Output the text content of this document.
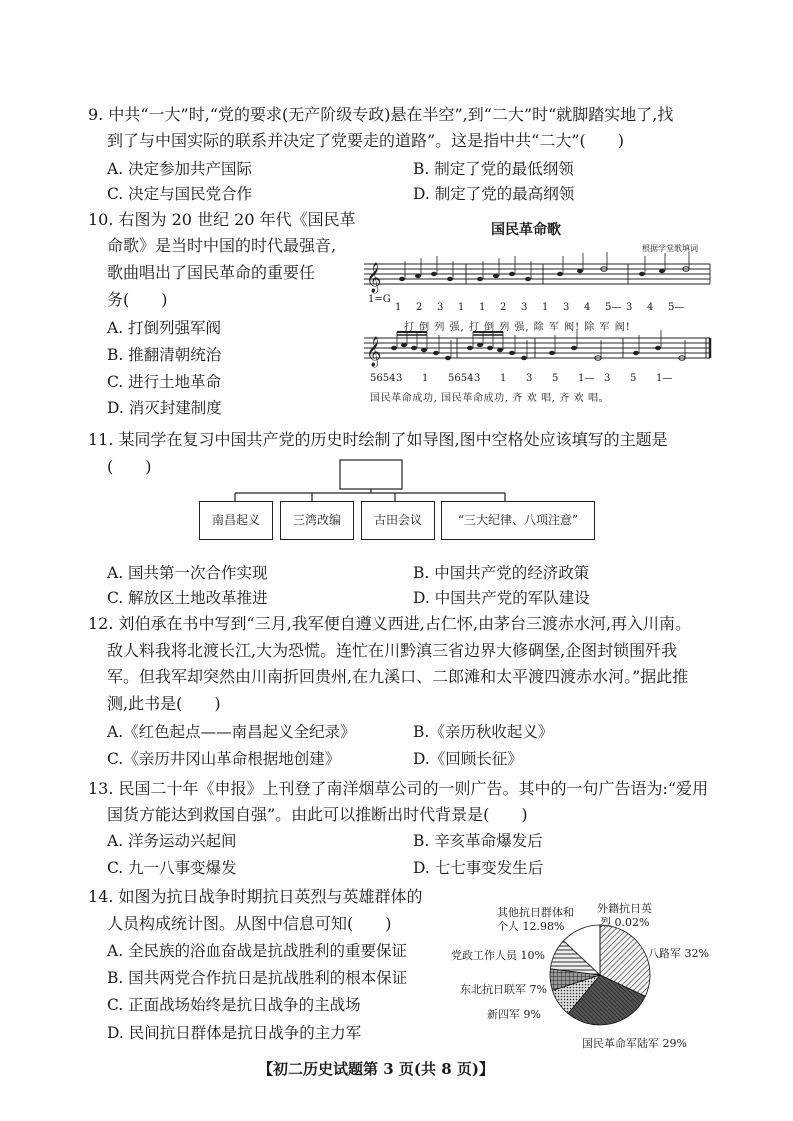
9. 中共“一大”时,“党的要求(无产阶级专政)悬在半空”,到“二大”时“就脚踏实地了,找
到了与中国实际的联系并决定了党要走的道路”。这是指中共“二大”(　　)
A. 决定参加共产国际	B. 制定了党的最低纲领
C. 决定与国民党合作	D. 制定了党的最高纲领
10. 右图为 20 世纪 20 年代《国民革
命歌》是当时中国的时代最强音,
歌曲唱出了国民革命的重要任
务(　　)
A. 打倒列强军阀
B. 推翻清朝统治
C. 进行土地革命
D. 消灭封建制度
国民革命歌
根据学堂歌填词
𝄞
𝄞
1=G
1 2 3 1 1 2 3 1 3 4 5— 3 4 5—
打 倒 列 强, 打 倒 列 强, 除 军 阀! 除 军 阀!
56543 1 56543 1 3 5 1— 3 5 1—
国民革命成功, 国民革命成功, 齐 欢 唱, 齐 欢 唱。
11. 某同学在复习中国共产党的历史时绘制了如导图,图中空格处应该填写的主题是
(　　)
南昌起义	三湾改编	古田会议	“三大纪律、八项注意”
A. 国共第一次合作实现	B. 中国共产党的经济政策
C. 解放区土地改革推进	D. 中国共产党的军队建设
12. 刘伯承在书中写到“三月,我军便自遵义西进,占仁怀,由茅台三渡赤水河,再入川南。
敌人料我将北渡长江,大为恐慌。连忙在川黔滇三省边界大修碉堡,企图封锁围歼我
军。但我军却突然由川南折回贵州,在九溪口、二郎滩和太平渡四渡赤水河。”据此推
测,此书是(　　)
A.《红色起点——南昌起义全纪录》	B.《亲历秋收起义》
C.《亲历井冈山革命根据地创建》	D.《回顾长征》
13. 民国二十年《申报》上刊登了南洋烟草公司的一则广告。其中的一句广告语为:“爱用
国货方能达到救国自强”。由此可以推断出时代背景是(　　)
A. 洋务运动兴起间	B. 辛亥革命爆发后
C. 九一八事变爆发	D. 七七事变发生后
14. 如图为抗日战争时期抗日英烈与英雄群体的
人员构成统计图。从图中信息可知(　　)
A. 全民族的浴血奋战是抗战胜利的重要保证
B. 国共两党合作抗日是抗战胜利的根本保证
C. 正面战场始终是抗日战争的主战场
D. 民间抗日群体是抗日战争的主力军
其他抗日群体和
个人 12.98%
外籍抗日英
烈 0.02%
党政工作人员 10%	八路军 32%
东北抗日联军 7%
新四军 9%
国民革命军陆军 29%
【初二历史试题第 3 页(共 8 页)】
